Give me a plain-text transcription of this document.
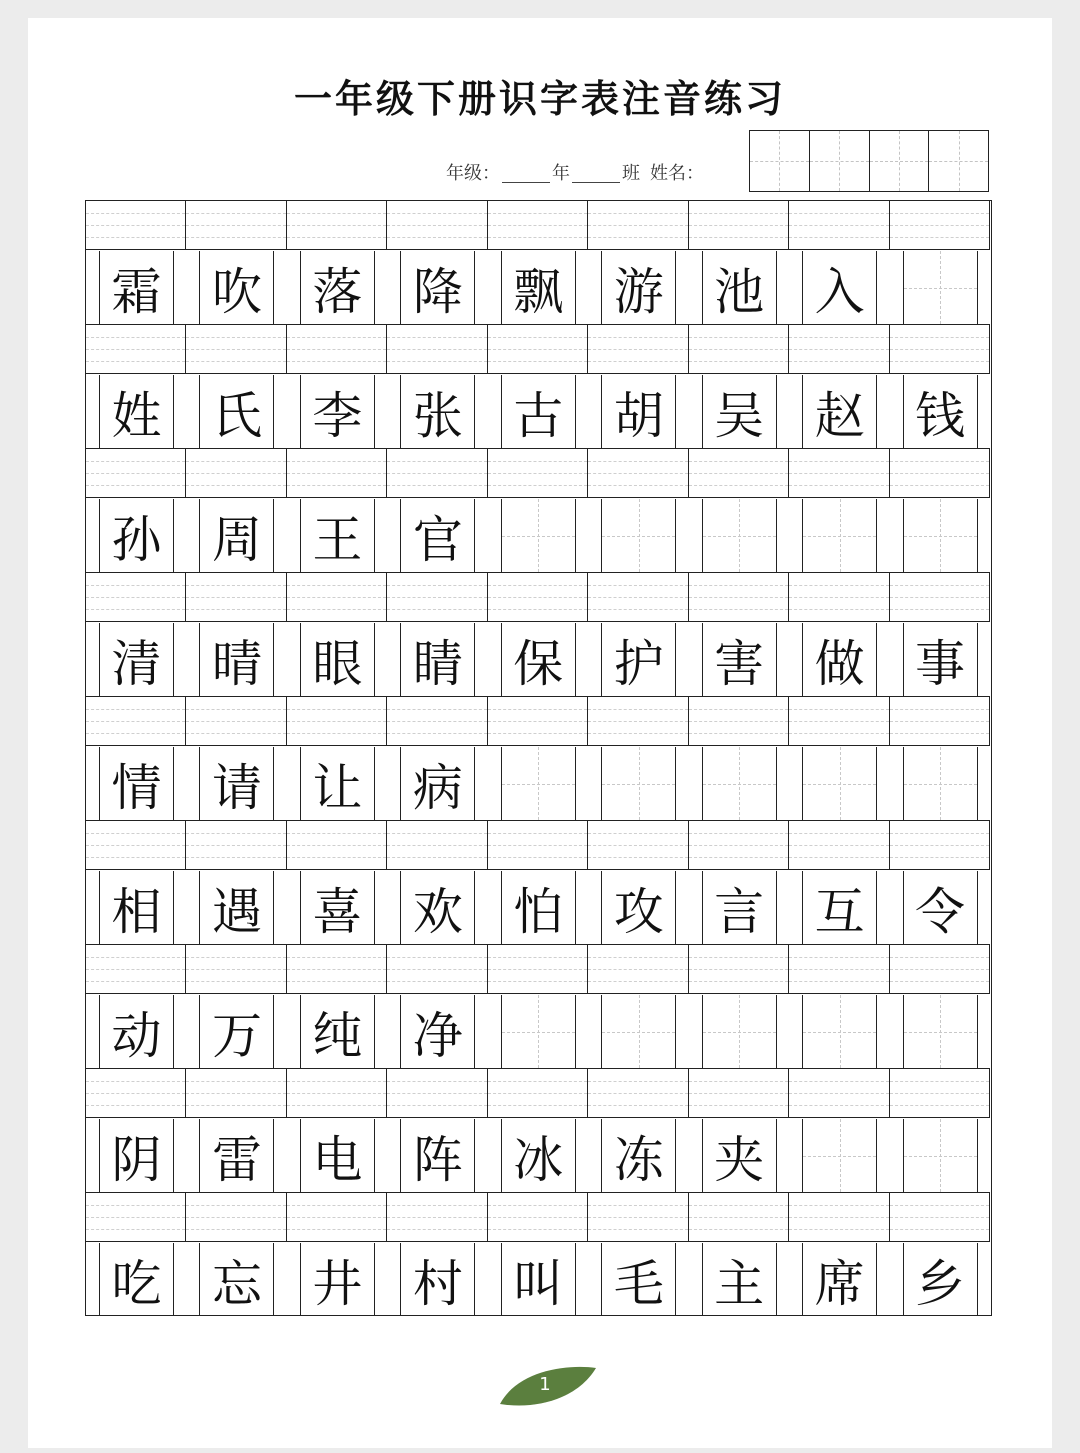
一年级下册识字表注音练习
年级：	年	班 姓名：
霜 吹 落 降 飘 游 池 入
姓 氏 李 张 古 胡 吴 赵 钱
孙 周 王 官
清 晴 眼 睛 保 护 害 做 事
情 请 让 病
相 遇 喜 欢 怕 攻 言 互 令
动 万 纯 净
阴 雷 电 阵 冰 冻 夹
吃 忘 井 村 叫 毛 主 席 乡
1
